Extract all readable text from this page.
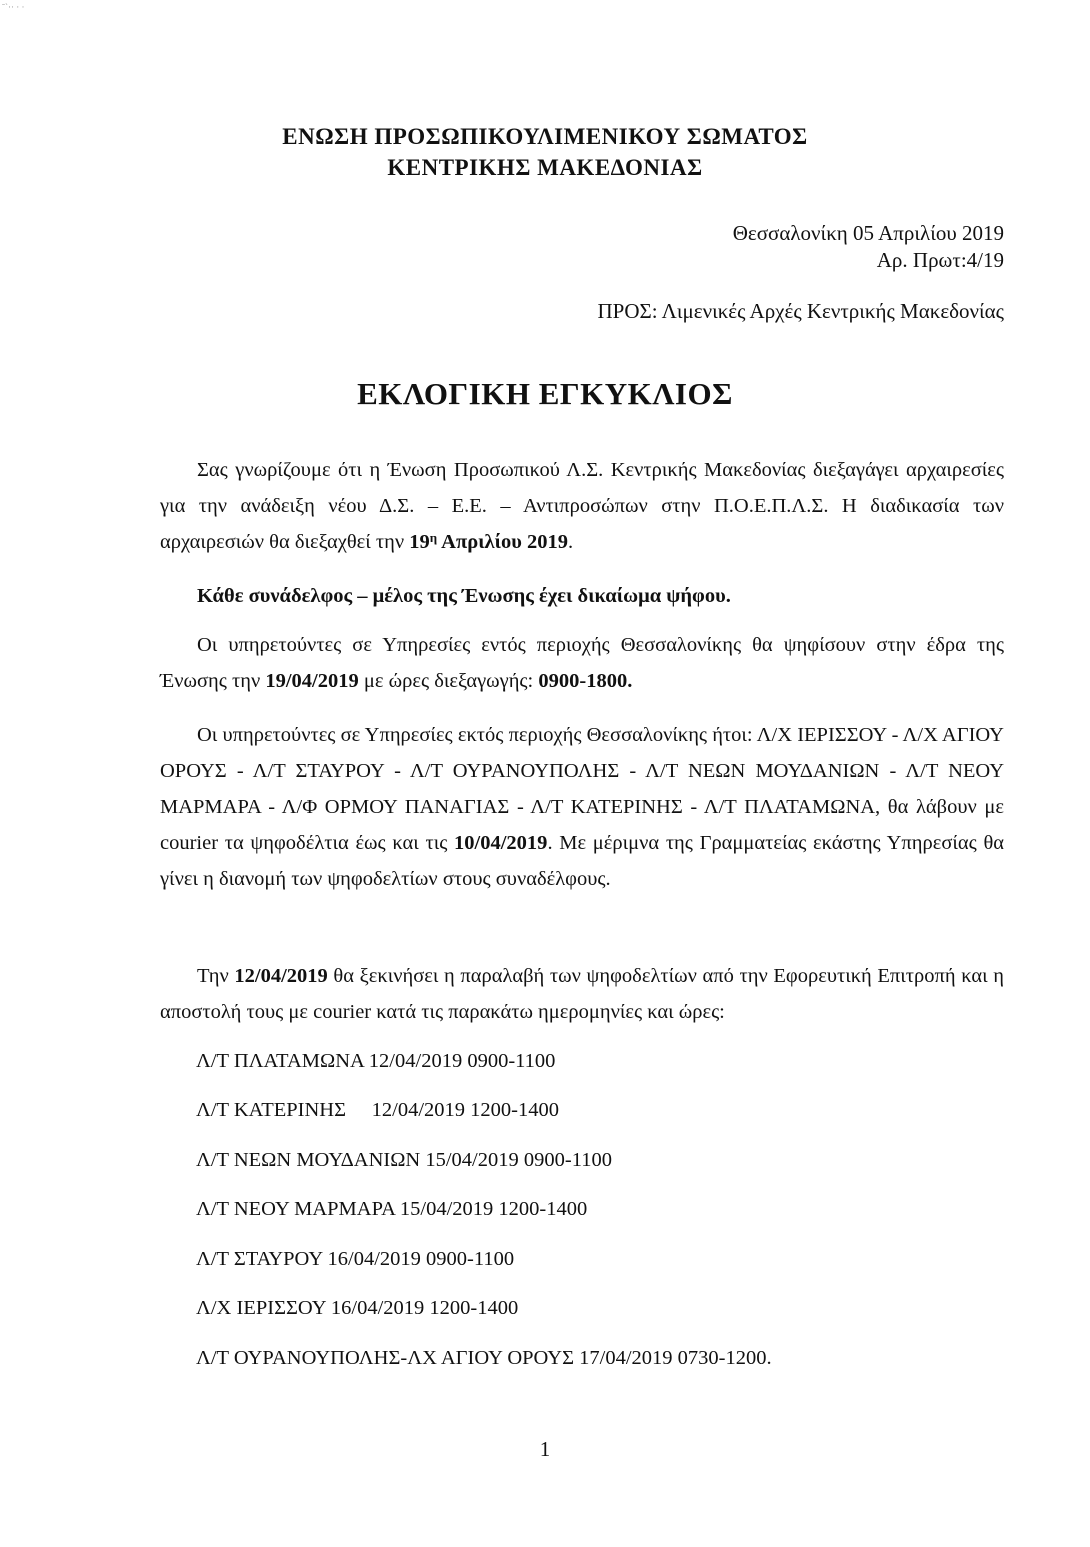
ˉ`·· · ·
ΕΝΩΣΗ ΠΡΟΣΩΠΙΚΟΥΛΙΜΕΝΙΚΟΥ ΣΩΜΑΤΟΣ
ΚΕΝΤΡΙΚΗΣ ΜΑΚΕΔΟΝΙΑΣ
Θεσσαλονίκη 05 Απριλίου 2019
Αρ. Πρωτ:4/19
ΠΡΟΣ: Λιμενικές Αρχές Κεντρικής Μακεδονίας
ΕΚΛΟΓΙΚΗ ΕΓΚΥΚΛΙΟΣ
Σας γνωρίζουμε ότι η Ένωση Προσωπικού Λ.Σ. Κεντρικής Μακεδονίας διεξαγάγει αρχαιρεσίες για την ανάδειξη νέου Δ.Σ. – Ε.Ε. – Αντιπροσώπων στην Π.Ο.Ε.Π.Λ.Σ. Η διαδικασία των αρχαιρεσιών θα διεξαχθεί την $19^\eta$ Απριλίου 2019.
Κάθε συνάδελφος – μέλος της Ένωσης έχει δικαίωμα ψήφου.
Οι υπηρετούντες σε Υπηρεσίες εντός περιοχής Θεσσαλονίκης θα ψηφίσουν στην έδρα της Ένωσης την 19/04/2019 με ώρες διεξαγωγής: 0900-1800.
Οι υπηρετούντες σε Υπηρεσίες εκτός περιοχής Θεσσαλονίκης ήτοι: Λ/Χ ΙΕΡΙΣΣΟΥ - Λ/Χ ΑΓΙΟΥ ΟΡΟΥΣ - Λ/Τ ΣΤΑΥΡΟΥ - Λ/Τ ΟΥΡΑΝΟΥΠΟΛΗΣ - Λ/Τ ΝΕΩΝ ΜΟΥΔΑΝΙΩΝ - Λ/Τ ΝΕΟΥ ΜΑΡΜΑΡΑ - Λ/Φ ΟΡΜΟΥ ΠΑΝΑΓΙΑΣ - Λ/Τ ΚΑΤΕΡΙΝΗΣ - Λ/Τ ΠΛΑΤΑΜΩΝΑ, θα λάβουν με courier τα ψηφοδέλτια έως και τις 10/04/2019. Με μέριμνα της Γραμματείας εκάστης Υπηρεσίας θα γίνει η διανομή των ψηφοδελτίων στους συναδέλφους.
Την 12/04/2019 θα ξεκινήσει η παραλαβή των ψηφοδελτίων από την Εφορευτική Επιτροπή και η αποστολή τους με courier κατά τις παρακάτω ημερομηνίες και ώρες:
Λ/Τ ΠΛΑΤΑΜΩΝΑ 12/04/2019 0900-1100
Λ/Τ ΚΑΤΕΡΙΝΗΣ     12/04/2019 1200-1400
Λ/Τ ΝΕΩΝ ΜΟΥΔΑΝΙΩΝ 15/04/2019 0900-1100
Λ/Τ ΝΕΟΥ ΜΑΡΜΑΡΑ 15/04/2019 1200-1400
Λ/Τ ΣΤΑΥΡΟΥ 16/04/2019 0900-1100
Λ/Χ ΙΕΡΙΣΣΟΥ 16/04/2019 1200-1400
Λ/Τ ΟΥΡΑΝΟΥΠΟΛΗΣ-ΛΧ ΑΓΙΟΥ ΟΡΟΥΣ 17/04/2019 0730-1200.
1
